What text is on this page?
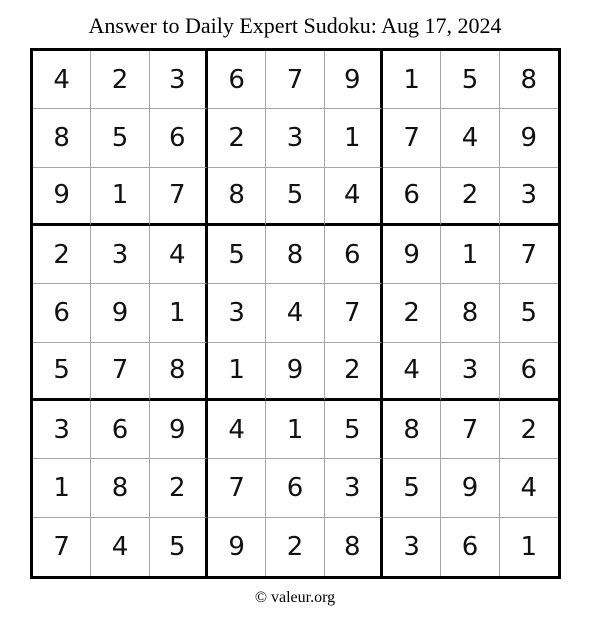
Answer to Daily Expert Sudoku: Aug 17, 2024
4	2	3	6	7	9	1	5	8
8	5	6	2	3	1	7	4	9
9	1	7	8	5	4	6	2	3
2	3	4	5	8	6	9	1	7
6	9	1	3	4	7	2	8	5
5	7	8	1	9	2	4	3	6
3	6	9	4	1	5	8	7	2
1	8	2	7	6	3	5	9	4
7	4	5	9	2	8	3	6	1
© valeur.org
